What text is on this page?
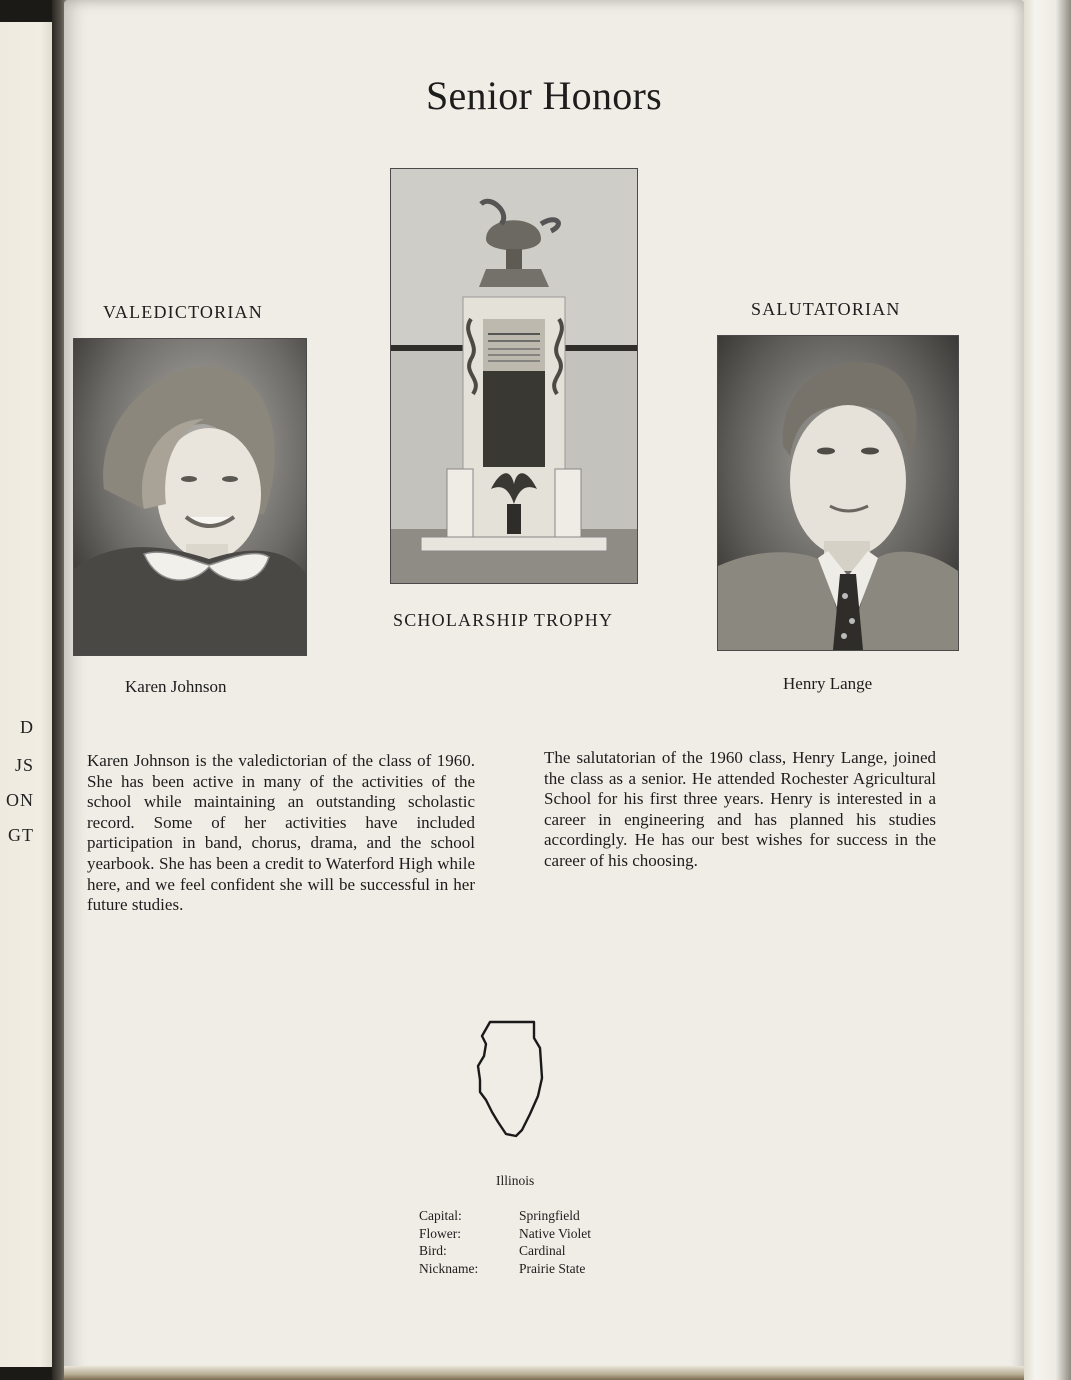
D
JS
ON
GT
Senior Honors
VALEDICTORIAN
Karen Johnson
SCHOLARSHIP TROPHY
SALUTATORIAN
Henry Lange

Karen Johnson is the valedictorian of the class of 1960. She has been active in many of the activities of the school while maintaining an outstanding scholastic record. Some of her activities have included participation in band, chorus, drama, and the school yearbook. She has been a credit to Waterford High while here, and we feel confident she will be successful in her future studies.

The salutatorian of the 1960 class, Henry Lange, joined the class as a senior. He attended Rochester Agricultural School for his first three years. Henry is interested in a career in engineering and has planned his studies accordingly. He has our best wishes for success in the career of his choosing.

Illinois
Capital:	Springfield
Flower:	Native Violet
Bird:	Cardinal
Nickname:	Prairie State
